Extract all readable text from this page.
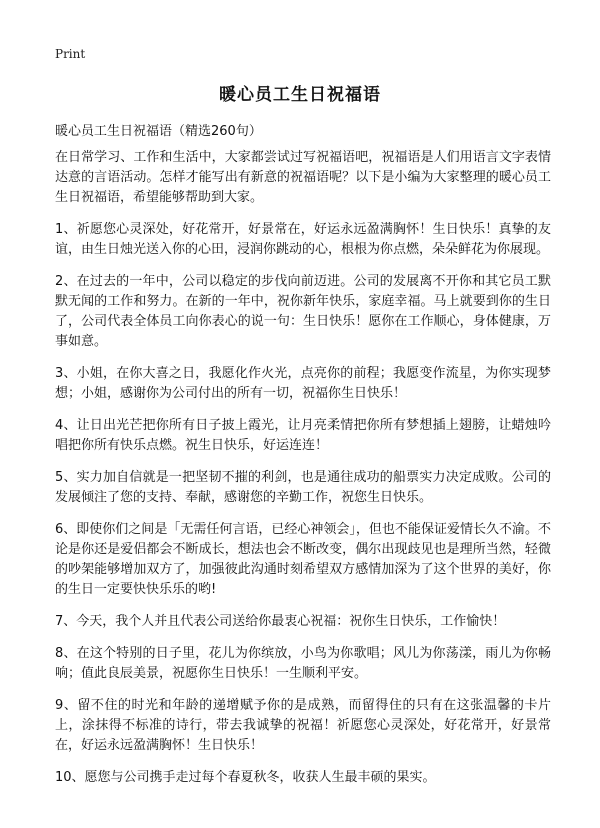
Print
暖心员工生日祝福语
暖心员工生日祝福语（精选260句）

在日常学习、工作和生活中，大家都尝试过写祝福语吧，祝福语是人们用语言文字表情达意的言语活动。怎样才能写出有新意的祝福语呢？以下是小编为大家整理的暖心员工生日祝福语，希望能够帮助到大家。

1、祈愿您心灵深处，好花常开，好景常在，好运永远盈满胸怀！生日快乐！真挚的友谊，由生日烛光送入你的心田，浸润你跳动的心，根根为你点燃，朵朵鲜花为你展现。

2、在过去的一年中，公司以稳定的步伐向前迈进。公司的发展离不开你和其它员工默默无闻的工作和努力。在新的一年中，祝你新年快乐，家庭幸福。马上就要到你的生日了，公司代表全体员工向你表心的说一句：生日快乐！愿你在工作顺心，身体健康，万事如意。

3、小姐，在你大喜之日，我愿化作火光，点亮你的前程；我愿变作流星，为你实现梦想；小姐，感谢你为公司付出的所有一切，祝福你生日快乐！

4、让日出光芒把你所有日子披上霞光，让月亮柔情把你所有梦想插上翅膀，让蜡烛吟唱把你所有快乐点燃。祝生日快乐，好运连连！

5、实力加自信就是一把坚韧不摧的利剑，也是通往成功的船票实力决定成败。公司的发展倾注了您的支持、奉献，感谢您的辛勤工作，祝您生日快乐。

6、即使你们之间是「无需任何言语，已经心神领会」，但也不能保证爱情长久不渝。不论是你还是爱侣都会不断成长，想法也会不断改变，偶尔出现歧见也是理所当然，轻微的吵架能够增加双方了，加强彼此沟通时刻希望双方感情加深为了这个世界的美好，你的生日一定要快快乐乐的哟!

7、今天，我个人并且代表公司送给你最衷心祝福：祝你生日快乐，工作愉快！

8、在这个特别的日子里，花儿为你缤放，小鸟为你歌唱；风儿为你荡漾，雨儿为你畅响；值此良辰美景，祝愿你生日快乐！一生顺利平安。

9、留不住的时光和年龄的递增赋予你的是成熟，而留得住的只有在这张温馨的卡片上，涂抹得不标准的诗行，带去我诚挚的祝福！祈愿您心灵深处，好花常开，好景常在，好运永远盈满胸怀！生日快乐！

10、愿您与公司携手走过每个春夏秋冬，收获人生最丰硕的果实。
